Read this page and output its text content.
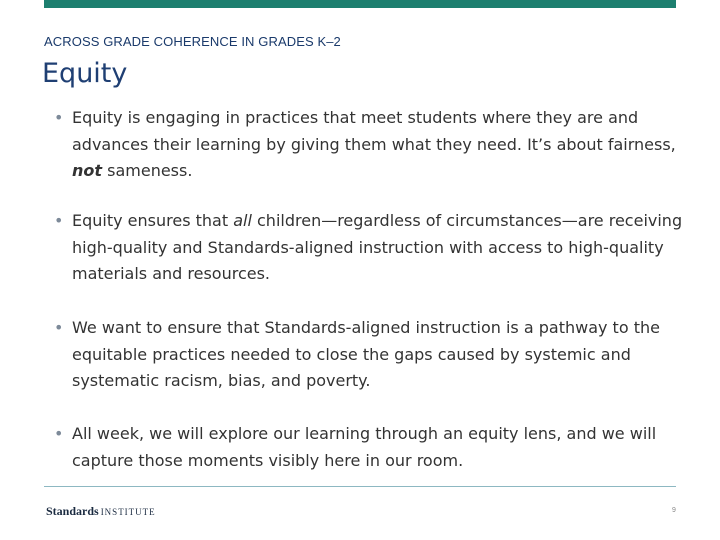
ACROSS GRADE COHERENCE IN GRADES K–2
Equity
• Equity is engaging in practices that meet students where they are and advances their learning by giving them what they need. It’s about fairness, not sameness.
• Equity ensures that all children—regardless of circumstances—are receiving high-quality and Standards-aligned instruction with access to high-quality materials and resources.
• We want to ensure that Standards-aligned instruction is a pathway to the equitable practices needed to close the gaps caused by systemic and systematic racism, bias, and poverty.
• All week, we will explore our learning through an equity lens, and we will capture those moments visibly here in our room.
Standards INSTITUTE	9
